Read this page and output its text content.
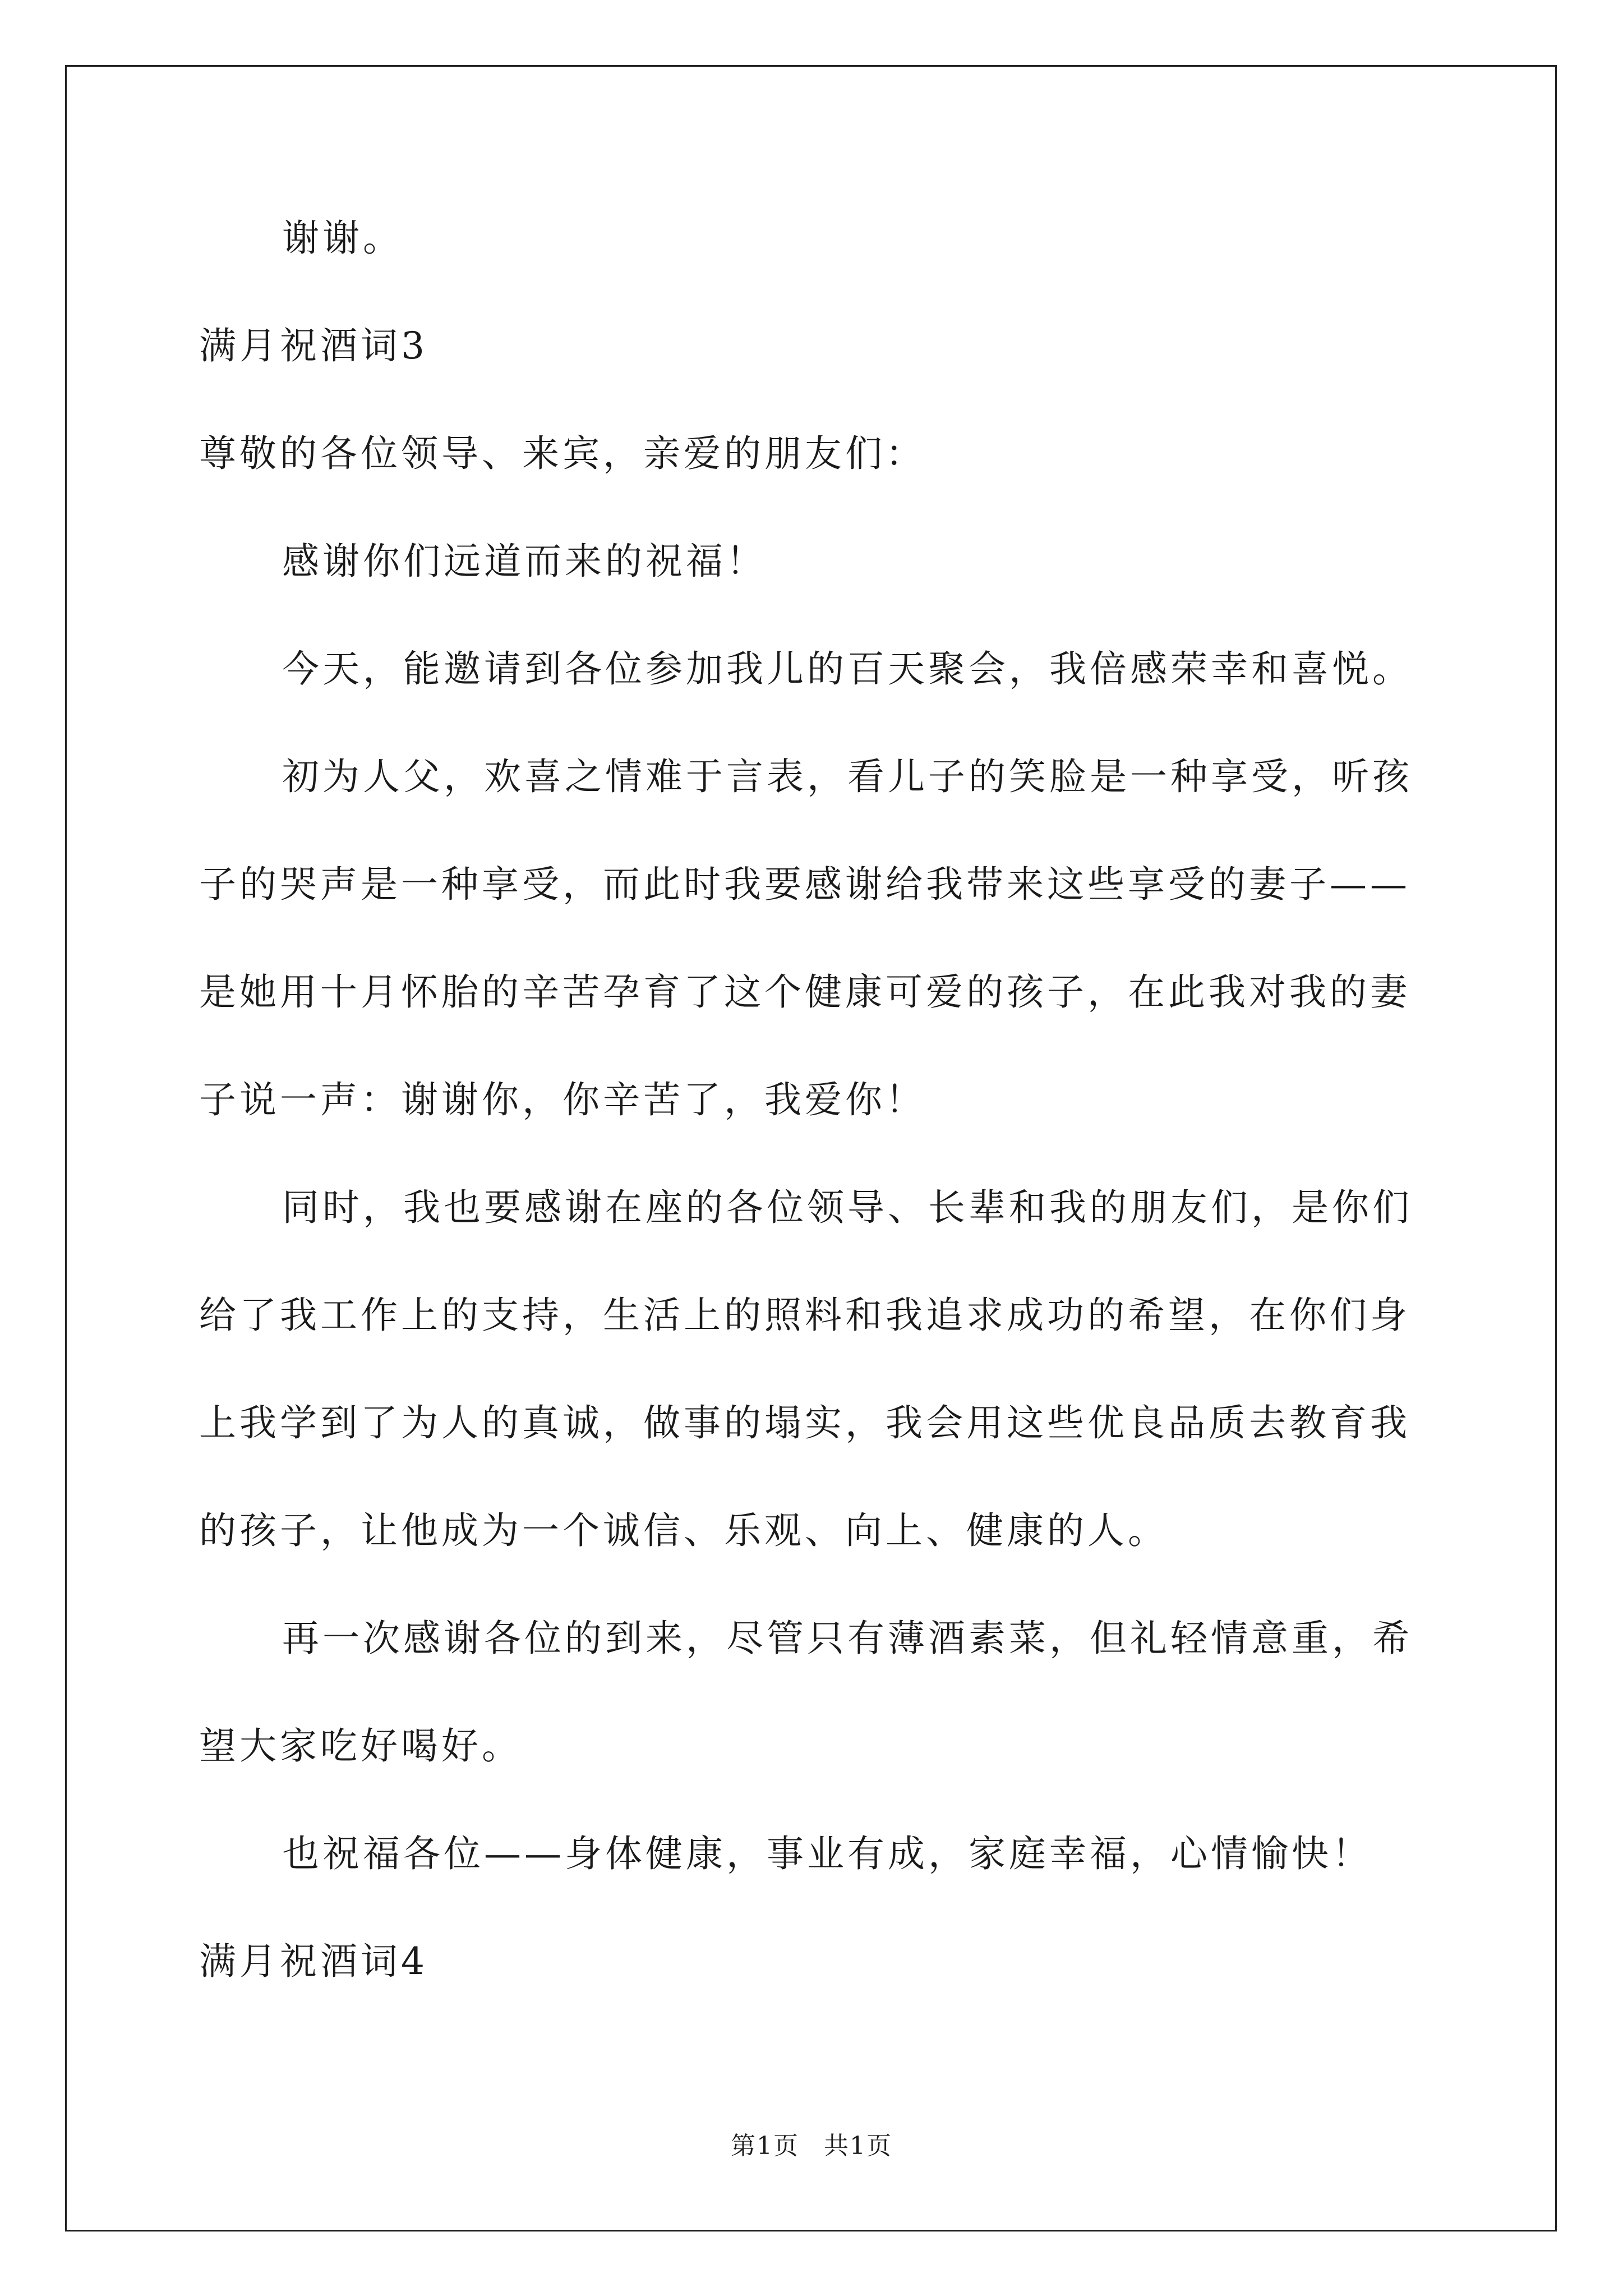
谢谢。
满月祝酒词3
尊敬的各位领导、来宾，亲爱的朋友们：
感谢你们远道而来的祝福！
今天，能邀请到各位参加我儿的百天聚会，我倍感荣幸和喜悦。
初为人父，欢喜之情难于言表，看儿子的笑脸是一种享受，听孩
子的哭声是一种享受，而此时我要感谢给我带来这些享受的妻子——
是她用十月怀胎的辛苦孕育了这个健康可爱的孩子，在此我对我的妻
子说一声：谢谢你，你辛苦了，我爱你！
同时，我也要感谢在座的各位领导、长辈和我的朋友们，是你们
给了我工作上的支持，生活上的照料和我追求成功的希望，在你们身
上我学到了为人的真诚，做事的塌实，我会用这些优良品质去教育我
的孩子，让他成为一个诚信、乐观、向上、健康的人。
再一次感谢各位的到来，尽管只有薄酒素菜，但礼轻情意重，希
望大家吃好喝好。
也祝福各位——身体健康，事业有成，家庭幸福，心情愉快！
满月祝酒词4
第1页 共1页
